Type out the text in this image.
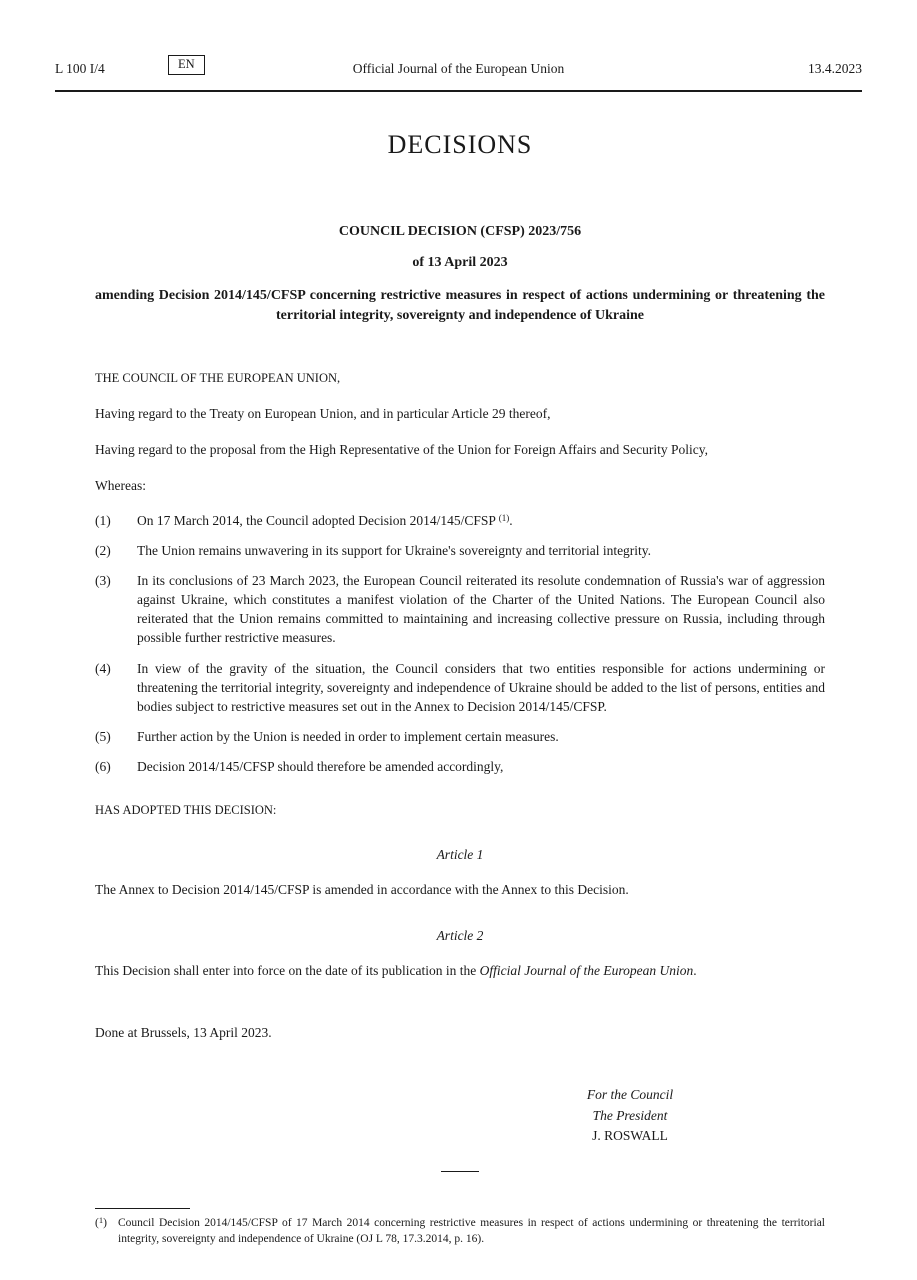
L 100 I/4	EN	Official Journal of the European Union	13.4.2023
DECISIONS
COUNCIL DECISION (CFSP) 2023/756
of 13 April 2023
amending Decision 2014/145/CFSP concerning restrictive measures in respect of actions undermining or threatening the territorial integrity, sovereignty and independence of Ukraine
THE COUNCIL OF THE EUROPEAN UNION,
Having regard to the Treaty on European Union, and in particular Article 29 thereof,
Having regard to the proposal from the High Representative of the Union for Foreign Affairs and Security Policy,
Whereas:
(1)	On 17 March 2014, the Council adopted Decision 2014/145/CFSP $^{(1)}$.

(2)	The Union remains unwavering in its support for Ukraine's sovereignty and territorial integrity.

(3)	In its conclusions of 23 March 2023, the European Council reiterated its resolute condemnation of Russia's war of aggression against Ukraine, which constitutes a manifest violation of the Charter of the United Nations. The European Council also reiterated that the Union remains committed to maintaining and increasing collective pressure on Russia, including through possible further restrictive measures.

(4)	In view of the gravity of the situation, the Council considers that two entities responsible for actions undermining or threatening the territorial integrity, sovereignty and independence of Ukraine should be added to the list of persons, entities and bodies subject to restrictive measures set out in the Annex to Decision 2014/145/CFSP.

(5)	Further action by the Union is needed in order to implement certain measures.

(6)	Decision 2014/145/CFSP should therefore be amended accordingly,

HAS ADOPTED THIS DECISION:
Article 1

The Annex to Decision 2014/145/CFSP is amended in accordance with the Annex to this Decision.

Article 2

This Decision shall enter into force on the date of its publication in the Official Journal of the European Union.

Done at Brussels, 13 April 2023.
For the Council
The President
J. ROSWALL
($^1$) Council Decision 2014/145/CFSP of 17 March 2014 concerning restrictive measures in respect of actions undermining or threatening the territorial integrity, sovereignty and independence of Ukraine (OJ L 78, 17.3.2014, p. 16).
